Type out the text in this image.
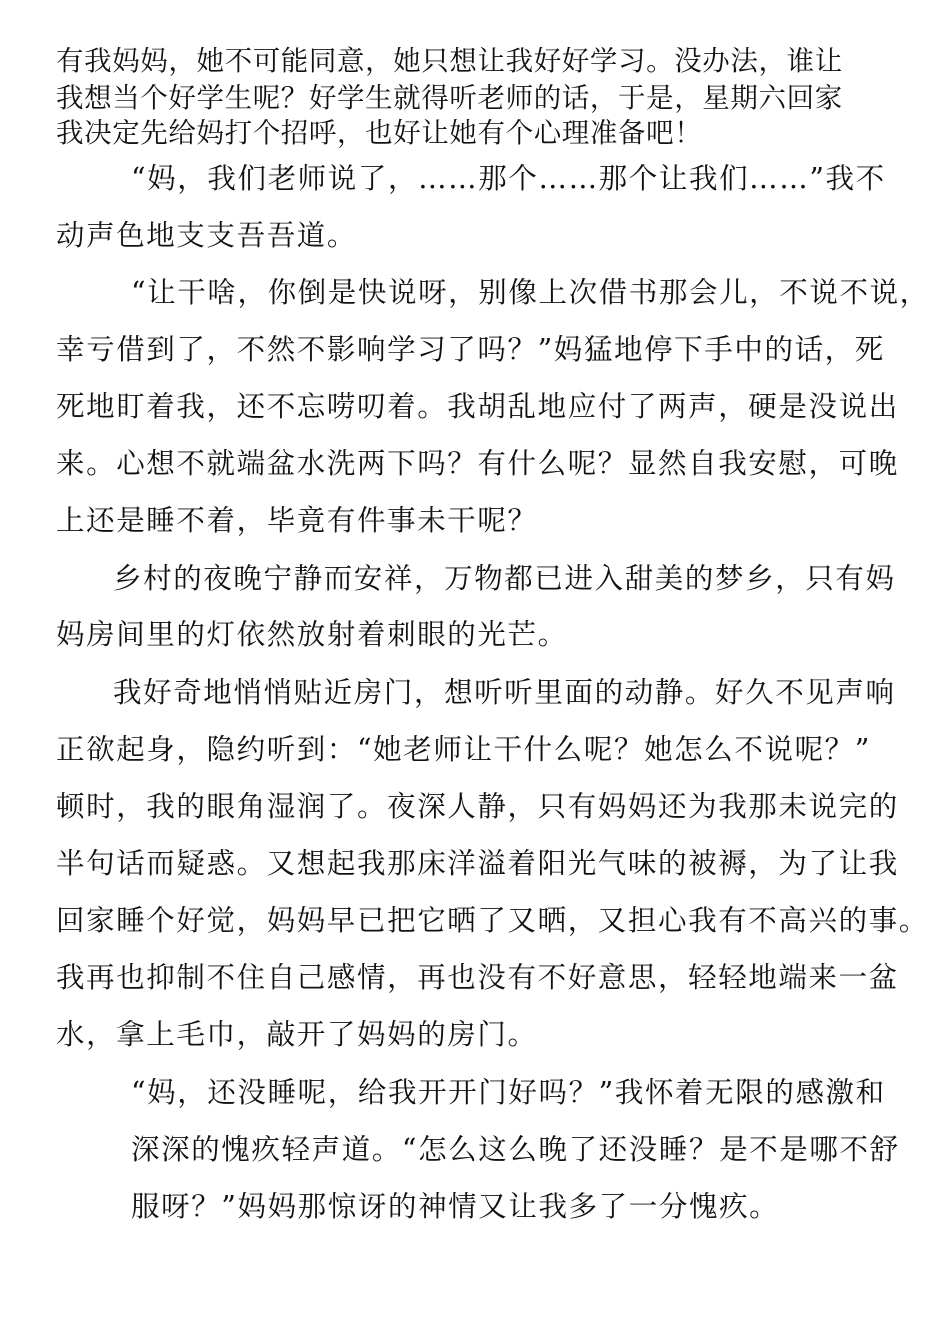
有我妈妈，她不可能同意，她只想让我好好学习。没办法，谁让

我想当个好学生呢？好学生就得听老师的话，于是，星期六回家

我决定先给妈打个招呼，也好让她有个心理准备吧！

“妈，我们老师说了，……那个……那个让我们……”我不

动声色地支支吾吾道。

“让干啥，你倒是快说呀，别像上次借书那会儿，不说不说，

幸亏借到了，不然不影响学习了吗？”妈猛地停下手中的话，死

死地盯着我，还不忘唠叨着。我胡乱地应付了两声，硬是没说出

来。心想不就端盆水洗两下吗？有什么呢？显然自我安慰，可晚

上还是睡不着，毕竟有件事未干呢？

乡村的夜晚宁静而安祥，万物都已进入甜美的梦乡，只有妈

妈房间里的灯依然放射着刺眼的光芒。

我好奇地悄悄贴近房门，想听听里面的动静。好久不见声响

正欲起身，隐约听到：“她老师让干什么呢？她怎么不说呢？”

顿时，我的眼角湿润了。夜深人静，只有妈妈还为我那未说完的

半句话而疑惑。又想起我那床洋溢着阳光气味的被褥，为了让我

回家睡个好觉，妈妈早已把它晒了又晒，又担心我有不高兴的事。

我再也抑制不住自己感情，再也没有不好意思，轻轻地端来一盆

水，拿上毛巾，敲开了妈妈的房门。

“妈，还没睡呢，给我开开门好吗？”我怀着无限的感激和

深深的愧疚轻声道。“怎么这么晚了还没睡？是不是哪不舒

服呀？”妈妈那惊讶的神情又让我多了一分愧疚。
